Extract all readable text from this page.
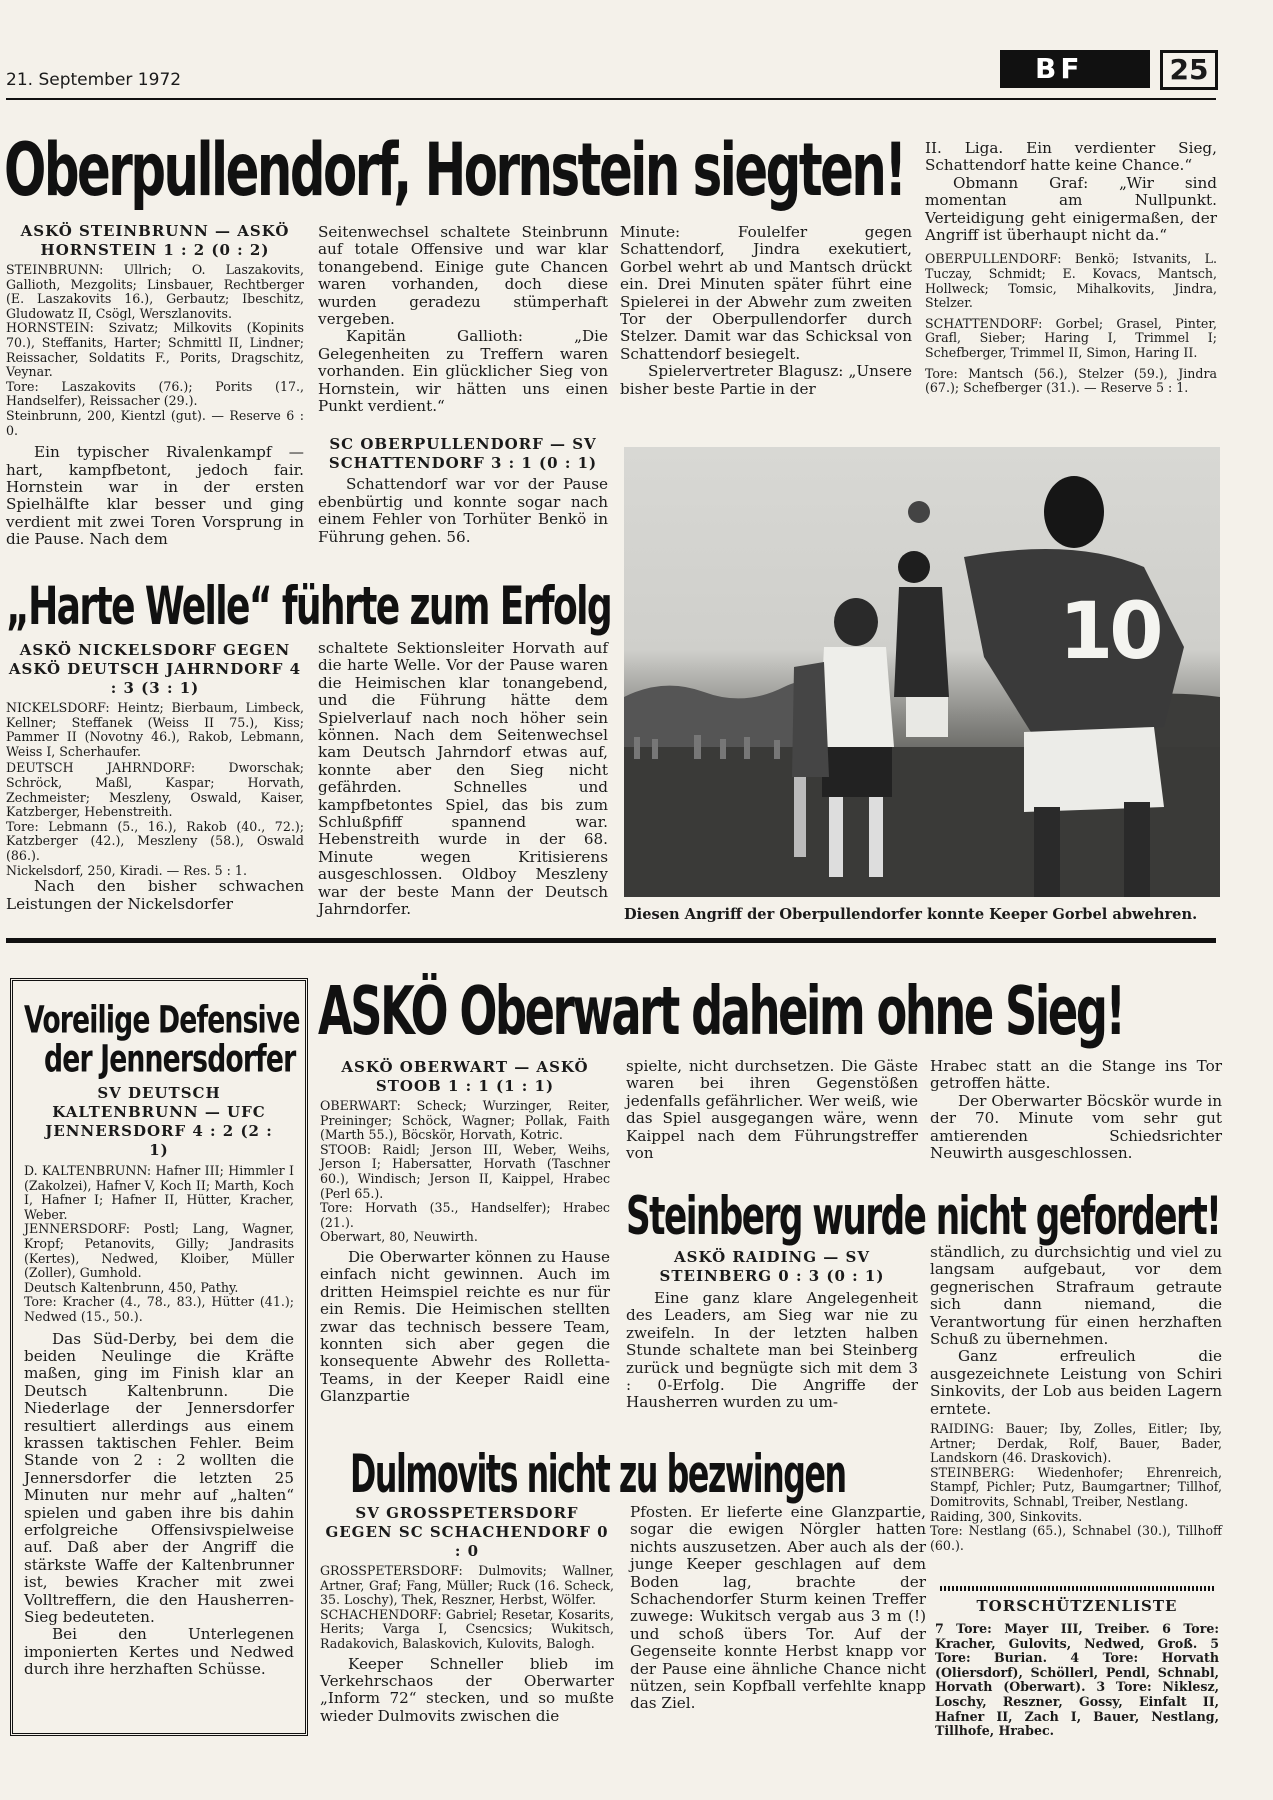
21. September 1972	BF	25
Oberpullendorf, Hornstein siegten!

ASKÖ STEINBRUNN — ASKÖ HORNSTEIN 1 : 2 (0 : 2)

STEINBRUNN: Ullrich; O. Laszakovits, Gallioth, Mezgolits; Linsbauer, Rechtberger (E. Laszakovits 16.), Gerbautz; Ibeschitz, Gludowatz II, Csögl, Werszlanovits.

HORNSTEIN: Szivatz; Milkovits (Kopinits 70.), Steffanits, Harter; Schmittl II, Lindner; Reissacher, Soldatits F., Porits, Dragschitz, Veynar.

Tore: Laszakovits (76.); Porits (17., Handselfer), Reissacher (29.).

Steinbrunn, 200, Kientzl (gut). — Reserve 6 : 0.

Ein typischer Rivalenkampf — hart, kampfbetont, jedoch fair. Hornstein war in der ersten Spielhälfte klar besser und ging verdient mit zwei Toren Vorsprung in die Pause. Nach dem

Seitenwechsel schaltete Steinbrunn auf totale Offensive und war klar tonangebend. Einige gute Chancen waren vorhanden, doch diese wurden geradezu stümperhaft vergeben.

Kapitän Gallioth: „Die Gelegenheiten zu Treffern waren vorhanden. Ein glücklicher Sieg von Hornstein, wir hätten uns einen Punkt verdient.“

SC OBERPULLENDORF — SV SCHATTENDORF 3 : 1 (0 : 1)

Schattendorf war vor der Pause ebenbürtig und konnte sogar nach einem Fehler von Torhüter Benkö in Führung gehen. 56.

Minute: Foulelfer gegen Schattendorf, Jindra exekutiert, Gorbel wehrt ab und Mantsch drückt ein. Drei Minuten später führt eine Spielerei in der Abwehr zum zweiten Tor der Oberpullendorfer durch Stelzer. Damit war das Schicksal von Schattendorf besiegelt.

Spielervertreter Blagusz: „Unsere bisher beste Partie in der

II. Liga. Ein verdienter Sieg, Schattendorf hatte keine Chance.“

Obmann Graf: „Wir sind momentan am Nullpunkt. Verteidigung geht einigermaßen, der Angriff ist überhaupt nicht da.“

OBERPULLENDORF: Benkö; Istvanits, L. Tuczay, Schmidt; E. Kovacs, Mantsch, Hollweck; Tomsic, Mihalkovits, Jindra, Stelzer.

SCHATTENDORF: Gorbel; Grasel, Pinter, Grafl, Sieber; Haring I, Trimmel I; Schefberger, Trimmel II, Simon, Haring II.

Tore: Mantsch (56.), Stelzer (59.), Jindra (67.); Schefberger (31.). — Reserve 5 : 1.

10
Diesen Angriff der Oberpullendorfer konnte Keeper Gorbel abwehren.
„Harte Welle“ führte zum Erfolg

ASKÖ NICKELSDORF GEGEN ASKÖ DEUTSCH JAHRNDORF 4 : 3 (3 : 1)

NICKELSDORF: Heintz; Bierbaum, Limbeck, Kellner; Steffanek (Weiss II 75.), Kiss; Pammer II (Novotny 46.), Rakob, Lebmann, Weiss I, Scherhaufer.

DEUTSCH JAHRNDORF: Dworschak; Schröck, Maßl, Kaspar; Horvath, Zechmeister; Meszleny, Oswald, Kaiser, Katzberger, Hebenstreith.

Tore: Lebmann (5., 16.), Rakob (40., 72.); Katzberger (42.), Meszleny (58.), Oswald (86.).

Nickelsdorf, 250, Kiradi. — Res. 5 : 1.

Nach den bisher schwachen Leistungen der Nickelsdorfer

schaltete Sektionsleiter Horvath auf die harte Welle. Vor der Pause waren die Heimischen klar tonangebend, und die Führung hätte dem Spielverlauf nach noch höher sein können. Nach dem Seitenwechsel kam Deutsch Jahrndorf etwas auf, konnte aber den Sieg nicht gefährden. Schnelles und kampfbetontes Spiel, das bis zum Schlußpfiff spannend war. Hebenstreith wurde in der 68. Minute wegen Kritisierens ausgeschlossen. Oldboy Meszleny war der beste Mann der Deutsch Jahrndorfer.

Voreilige Defensive
der Jennersdorfer

SV DEUTSCH KALTENBRUNN — UFC JENNERSDORF 4 : 2 (2 : 1)

D. KALTENBRUNN: Hafner III; Himmler I (Zakolzei), Hafner V, Koch II; Marth, Koch I, Hafner I; Hafner II, Hütter, Kracher, Weber.

JENNERSDORF: Postl; Lang, Wagner, Kropf; Petanovits, Gilly; Jandrasits (Kertes), Nedwed, Kloiber, Müller (Zoller), Gumhold.

Deutsch Kaltenbrunn, 450, Pathy.

Tore: Kracher (4., 78., 83.), Hütter (41.); Nedwed (15., 50.).

Das Süd-Derby, bei dem die beiden Neulinge die Kräfte maßen, ging im Finish klar an Deutsch Kaltenbrunn. Die Niederlage der Jennersdorfer resultiert allerdings aus einem krassen taktischen Fehler. Beim Stande von 2 : 2 wollten die Jennersdorfer die letzten 25 Minuten nur mehr auf „halten“ spielen und gaben ihre bis dahin erfolgreiche Offensivspielweise auf. Daß aber der Angriff die stärkste Waffe der Kaltenbrunner ist, bewies Kracher mit zwei Volltreffern, die den Hausherren-Sieg bedeuteten.

Bei den Unterlegenen imponierten Kertes und Nedwed durch ihre herzhaften Schüsse.

ASKÖ Oberwart daheim ohne Sieg!

ASKÖ OBERWART — ASKÖ STOOB 1 : 1 (1 : 1)

OBERWART: Scheck; Wurzinger, Reiter, Preininger; Schöck, Wagner; Pollak, Faith (Marth 55.), Böcskör, Horvath, Kotric.

STOOB: Raidl; Jerson III, Weber, Weihs, Jerson I; Habersatter, Horvath (Taschner 60.), Windisch; Jerson II, Kaippel, Hrabec (Perl 65.).

Tore: Horvath (35., Handselfer); Hrabec (21.).

Oberwart, 80, Neuwirth.

Die Oberwarter können zu Hause einfach nicht gewinnen. Auch im dritten Heimspiel reichte es nur für ein Remis. Die Heimischen stellten zwar das technisch bessere Team, konnten sich aber gegen die konsequente Abwehr des Rolletta-Teams, in der Keeper Raidl eine Glanzpartie

spielte, nicht durchsetzen. Die Gäste waren bei ihren Gegenstößen jedenfalls gefährlicher. Wer weiß, wie das Spiel ausgegangen wäre, wenn Kaippel nach dem Führungstreffer von

Hrabec statt an die Stange ins Tor getroffen hätte.

Der Oberwarter Böcskör wurde in der 70. Minute vom sehr gut amtierenden Schiedsrichter Neuwirth ausgeschlossen.

Steinberg wurde nicht gefordert!

ASKÖ RAIDING — SV STEINBERG 0 : 3 (0 : 1)

Eine ganz klare Angelegenheit des Leaders, am Sieg war nie zu zweifeln. In der letzten halben Stunde schaltete man bei Steinberg zurück und begnügte sich mit dem 3 : 0-Erfolg. Die Angriffe der Hausherren wurden zu um-

ständlich, zu durchsichtig und viel zu langsam aufgebaut, vor dem gegnerischen Strafraum getraute sich dann niemand, die Verantwortung für einen herzhaften Schuß zu übernehmen.

Ganz erfreulich die ausgezeichnete Leistung von Schiri Sinkovits, der Lob aus beiden Lagern erntete.

RAIDING: Bauer; Iby, Zolles, Eitler; Iby, Artner; Derdak, Rolf, Bauer, Bader, Landskorn (46. Draskovich).

STEINBERG: Wiedenhofer; Ehrenreich, Stampf, Pichler; Putz, Baumgartner; Tillhof, Domitrovits, Schnabl, Treiber, Nestlang.

Raiding, 300, Sinkovits.

Tore: Nestlang (65.), Schnabel (30.), Tillhoff (60.).

Dulmovits nicht zu bezwingen

SV GROSSPETERSDORF GEGEN SC SCHACHENDORF 0 : 0

GROSSPETERSDORF: Dulmovits; Wallner, Artner, Graf; Fang, Müller; Ruck (16. Scheck, 35. Loschy), Thek, Reszner, Herbst, Wölfer.

SCHACHENDORF: Gabriel; Resetar, Kosarits, Herits; Varga I, Csencsics; Wukitsch, Radakovich, Balaskovich, Kulovits, Balogh.

Keeper Schneller blieb im Verkehrschaos der Oberwarter „Inform 72“ stecken, und so mußte wieder Dulmovits zwischen die

Pfosten. Er lieferte eine Glanzpartie, sogar die ewigen Nörgler hatten nichts auszusetzen. Aber auch als der junge Keeper geschlagen auf dem Boden lag, brachte der Schachendorfer Sturm keinen Treffer zuwege: Wukitsch vergab aus 3 m (!) und schoß übers Tor. Auf der Gegenseite konnte Herbst knapp vor der Pause eine ähnliche Chance nicht nützen, sein Kopfball verfehlte knapp das Ziel.

TORSCHÜTZENLISTE

7 Tore: Mayer III, Treiber. 6 Tore: Kracher, Gulovits, Nedwed, Groß. 5 Tore: Burian. 4 Tore: Horvath (Oliersdorf), Schöllerl, Pendl, Schnabl, Horvath (Oberwart). 3 Tore: Niklesz, Loschy, Reszner, Gossy, Einfalt II, Hafner II, Zach I, Bauer, Nestlang, Tillhofe, Hrabec.
